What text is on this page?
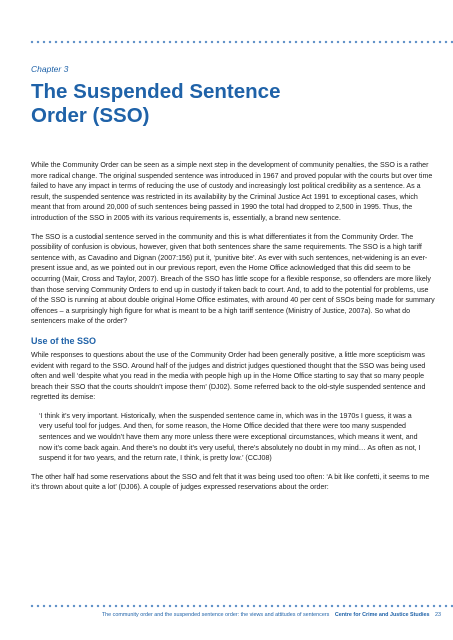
Chapter 3
The Suspended Sentence Order (SSO)

While the Community Order can be seen as a simple next step in the development of community penalties, the SSO is a rather more radical change. The original suspended sentence was introduced in 1967 and proved popular with the courts but over time failed to have any impact in terms of reducing the use of custody and increasingly lost political credibility as a sentence. As a result, the suspended sentence was restricted in its availability by the Criminal Justice Act 1991 to exceptional cases, which meant that from around 20,000 of such sentences being passed in 1990 the total had dropped to 2,500 in 1995. Thus, the introduction of the SSO in 2005 with its various requirements is, essentially, a brand new sentence.

The SSO is a custodial sentence served in the community and this is what differentiates it from the Community Order. The possibility of confusion is obvious, however, given that both sentences share the same requirements. The SSO is a high tariff sentence with, as Cavadino and Dignan (2007:156) put it, ‘punitive bite’. As ever with such sentences, net-widening is an ever-present issue and, as we pointed out in our previous report, even the Home Office acknowledged that this did seem to be occurring (Mair, Cross and Taylor, 2007). Breach of the SSO has little scope for a flexible response, so offenders are more likely than those serving Community Orders to end up in custody if taken back to court. And, to add to the potential for problems, use of the SSO is running at about double original Home Office estimates, with around 40 per cent of SSOs being made for summary offences – a surprisingly high figure for what is meant to be a high tariff sentence (Ministry of Justice, 2007a). So what do sentencers make of the order?

Use of the SSO

While responses to questions about the use of the Community Order had been generally positive, a little more scepticism was evident with regard to the SSO. Around half of the judges and district judges questioned thought that the SSO was being used often and well ‘despite what you read in the media with people high up in the Home Office starting to say that so many people breach their SSO that the courts shouldn’t impose them’ (DJ02). Some referred back to the old-style suspended sentence and regretted its demise:

‘I think it’s very important. Historically, when the suspended sentence came in, which was in the 1970s I guess, it was a very useful tool for judges. And then, for some reason, the Home Office decided that there were too many suspended sentences and we wouldn’t have them any more unless there were exceptional circumstances, which means it went, and now it’s come back again. And there’s no doubt it’s very useful, there’s absolutely no doubt in my mind… As often as not, I suspend it for two years, and the return rate, I think, is pretty low.’ (CCJ08)

The other half had some reservations about the SSO and felt that it was being used too often: ‘A bit like confetti, it seems to me it’s thrown about quite a lot’ (DJ06). A couple of judges expressed reservations about the order:

The community order and the suspended sentence order: the views and attitudes of sentencers Centre for Crime and Justice Studies 23
